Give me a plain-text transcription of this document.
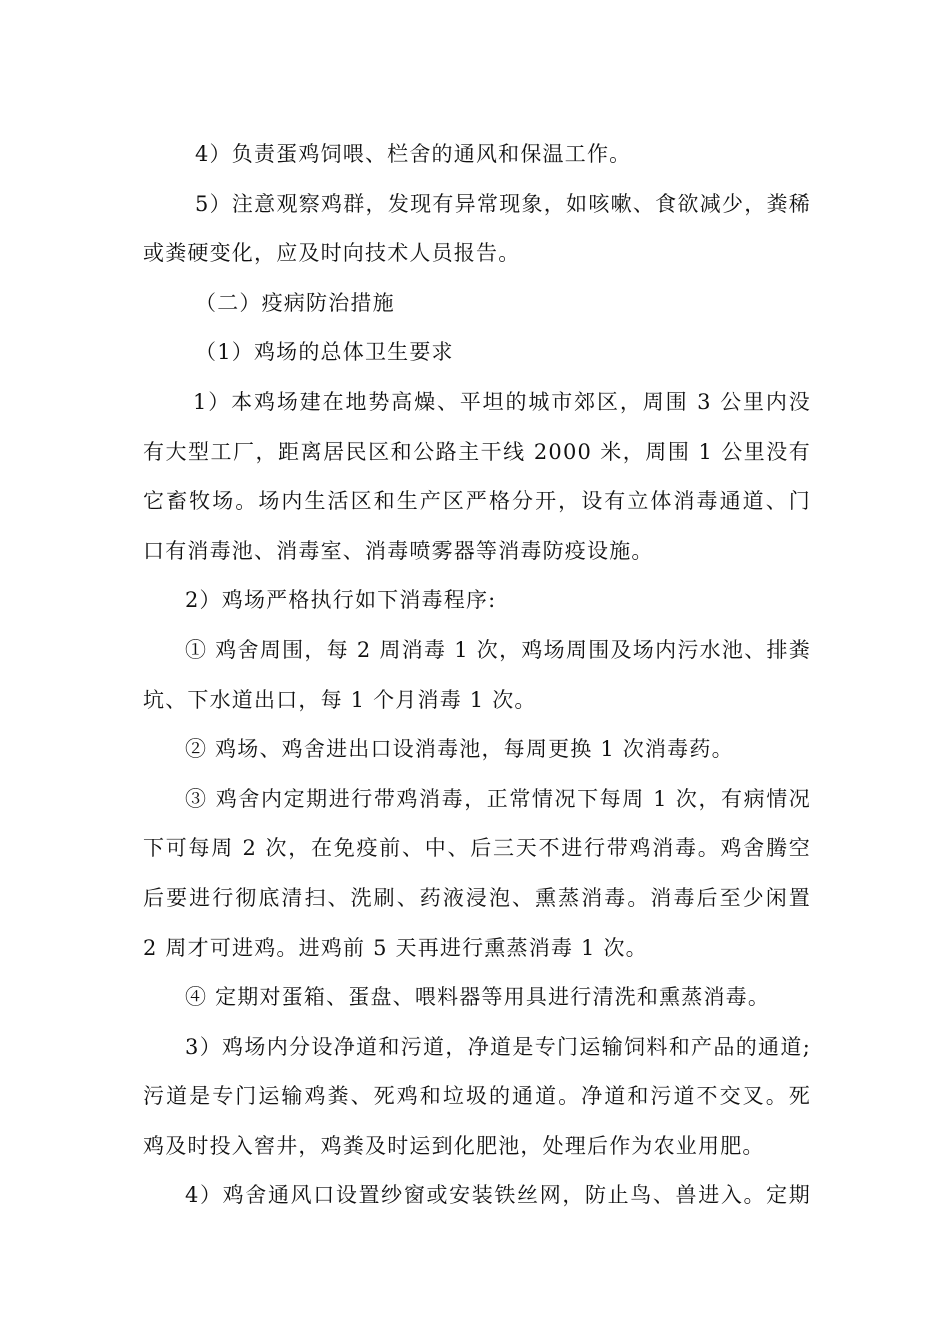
4）负责蛋鸡饲喂、栏舍的通风和保温工作。
5）注意观察鸡群，发现有异常现象，如咳嗽、食欲减少，粪稀
或粪硬变化，应及时向技术人员报告。
（二）疫病防治措施
（1）鸡场的总体卫生要求
1）本鸡场建在地势高燥、平坦的城市郊区，周围 3 公里内没
有大型工厂，距离居民区和公路主干线 2000 米，周围 1 公里没有
它畜牧场。场内生活区和生产区严格分开，设有立体消毒通道、门
口有消毒池、消毒室、消毒喷雾器等消毒防疫设施。
2）鸡场严格执行如下消毒程序:
① 鸡舍周围，每 2 周消毒 1 次，鸡场周围及场内污水池、排粪
坑、下水道出口，每 1 个月消毒 1 次。
② 鸡场、鸡舍进出口设消毒池，每周更换 1 次消毒药。
③ 鸡舍内定期进行带鸡消毒，正常情况下每周 1 次，有病情况
下可每周 2 次，在免疫前、中、后三天不进行带鸡消毒。鸡舍腾空
后要进行彻底清扫、洗刷、药液浸泡、熏蒸消毒。消毒后至少闲置
2 周才可进鸡。进鸡前 5 天再进行熏蒸消毒 1 次。
④ 定期对蛋箱、蛋盘、喂料器等用具进行清洗和熏蒸消毒。
3）鸡场内分设净道和污道，净道是专门运输饲料和产品的通道;
污道是专门运输鸡粪、死鸡和垃圾的通道。净道和污道不交叉。死
鸡及时投入窖井，鸡粪及时运到化肥池，处理后作为农业用肥。
4）鸡舍通风口设置纱窗或安装铁丝网，防止鸟、兽进入。定期
